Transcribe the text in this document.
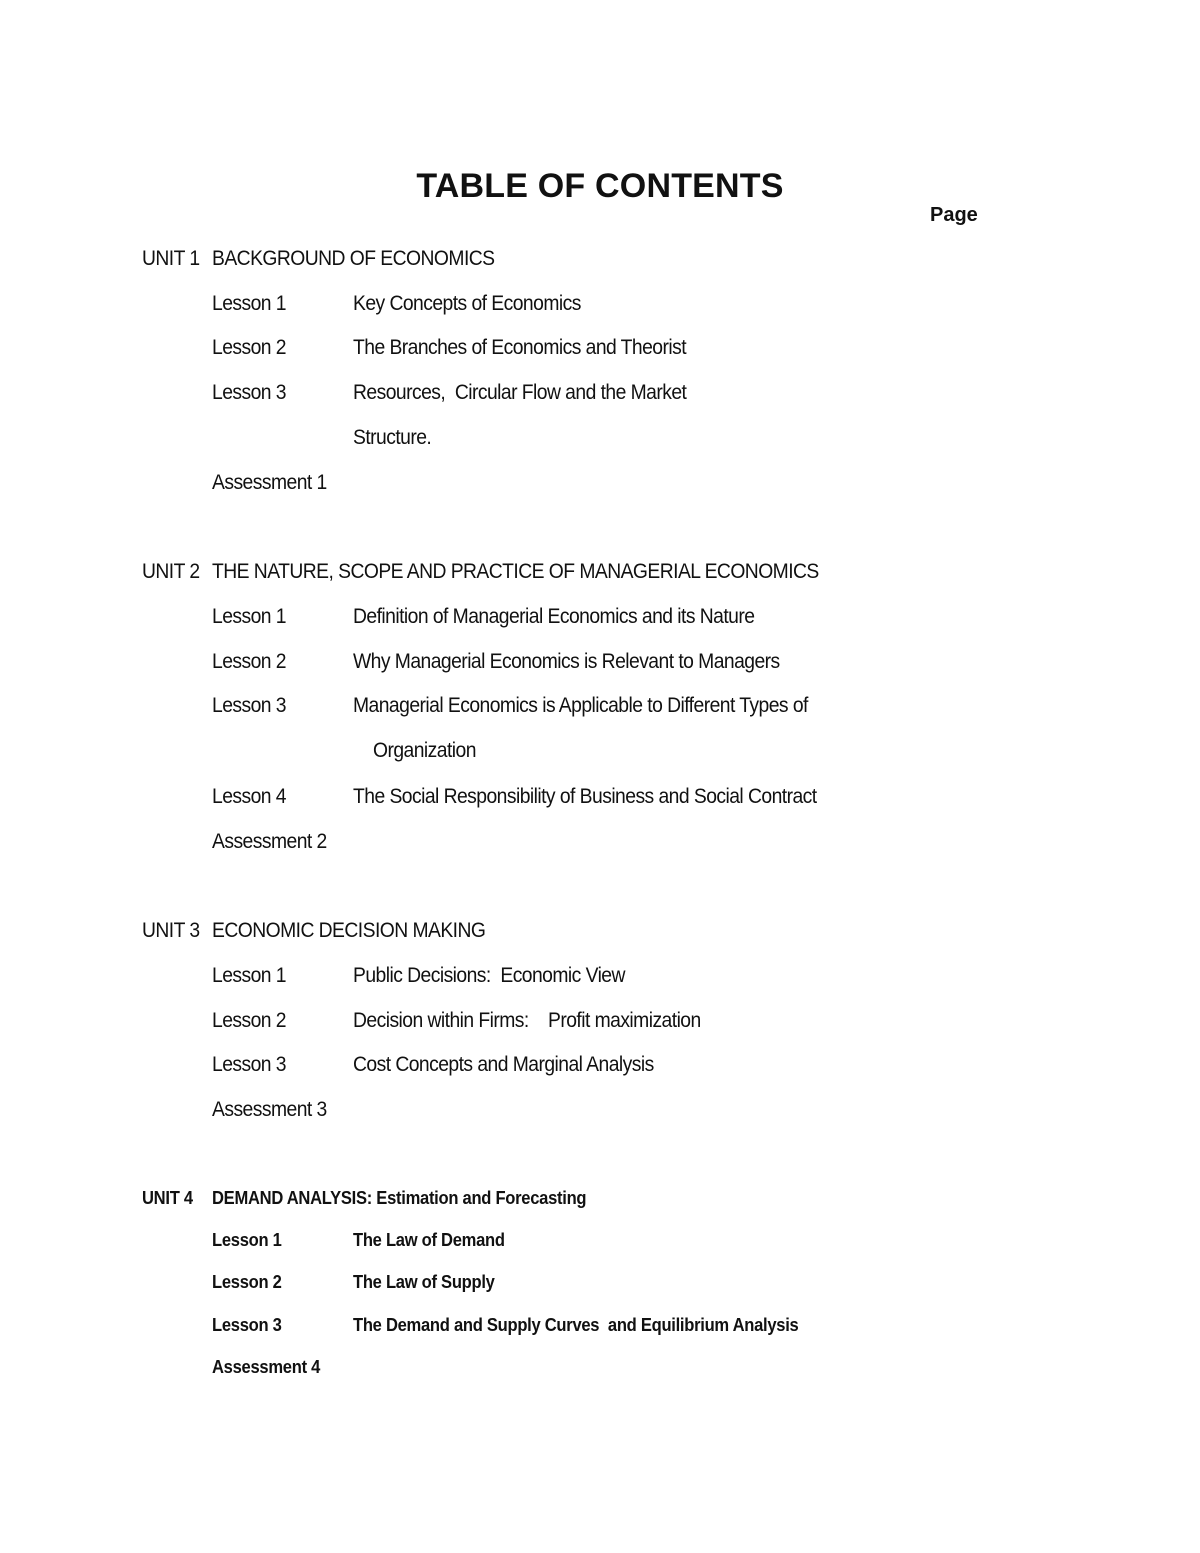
TABLE OF CONTENTS
Page
UNIT 1 BACKGROUND OF ECONOMICS
Lesson 1	Key Concepts of Economics
Lesson 2	The Branches of Economics and Theorist
Lesson 3	Resources,  Circular Flow and the Market
Structure.
Assessment 1
UNIT 2 THE NATURE, SCOPE AND PRACTICE OF MANAGERIAL ECONOMICS
Lesson 1	Definition of Managerial Economics and its Nature
Lesson 2	Why Managerial Economics is Relevant to Managers
Lesson 3	Managerial Economics is Applicable to Different Types of
Organization
Lesson 4	The Social Responsibility of Business and Social Contract
Assessment 2
UNIT 3 ECONOMIC DECISION MAKING
Lesson 1	Public Decisions:  Economic View
Lesson 2	Decision within Firms:    Profit maximization
Lesson 3	Cost Concepts and Marginal Analysis
Assessment 3
UNIT 4 DEMAND ANALYSIS: Estimation and Forecasting
Lesson 1	The Law of Demand
Lesson 2	The Law of Supply
Lesson 3	The Demand and Supply Curves  and Equilibrium Analysis
Assessment 4
